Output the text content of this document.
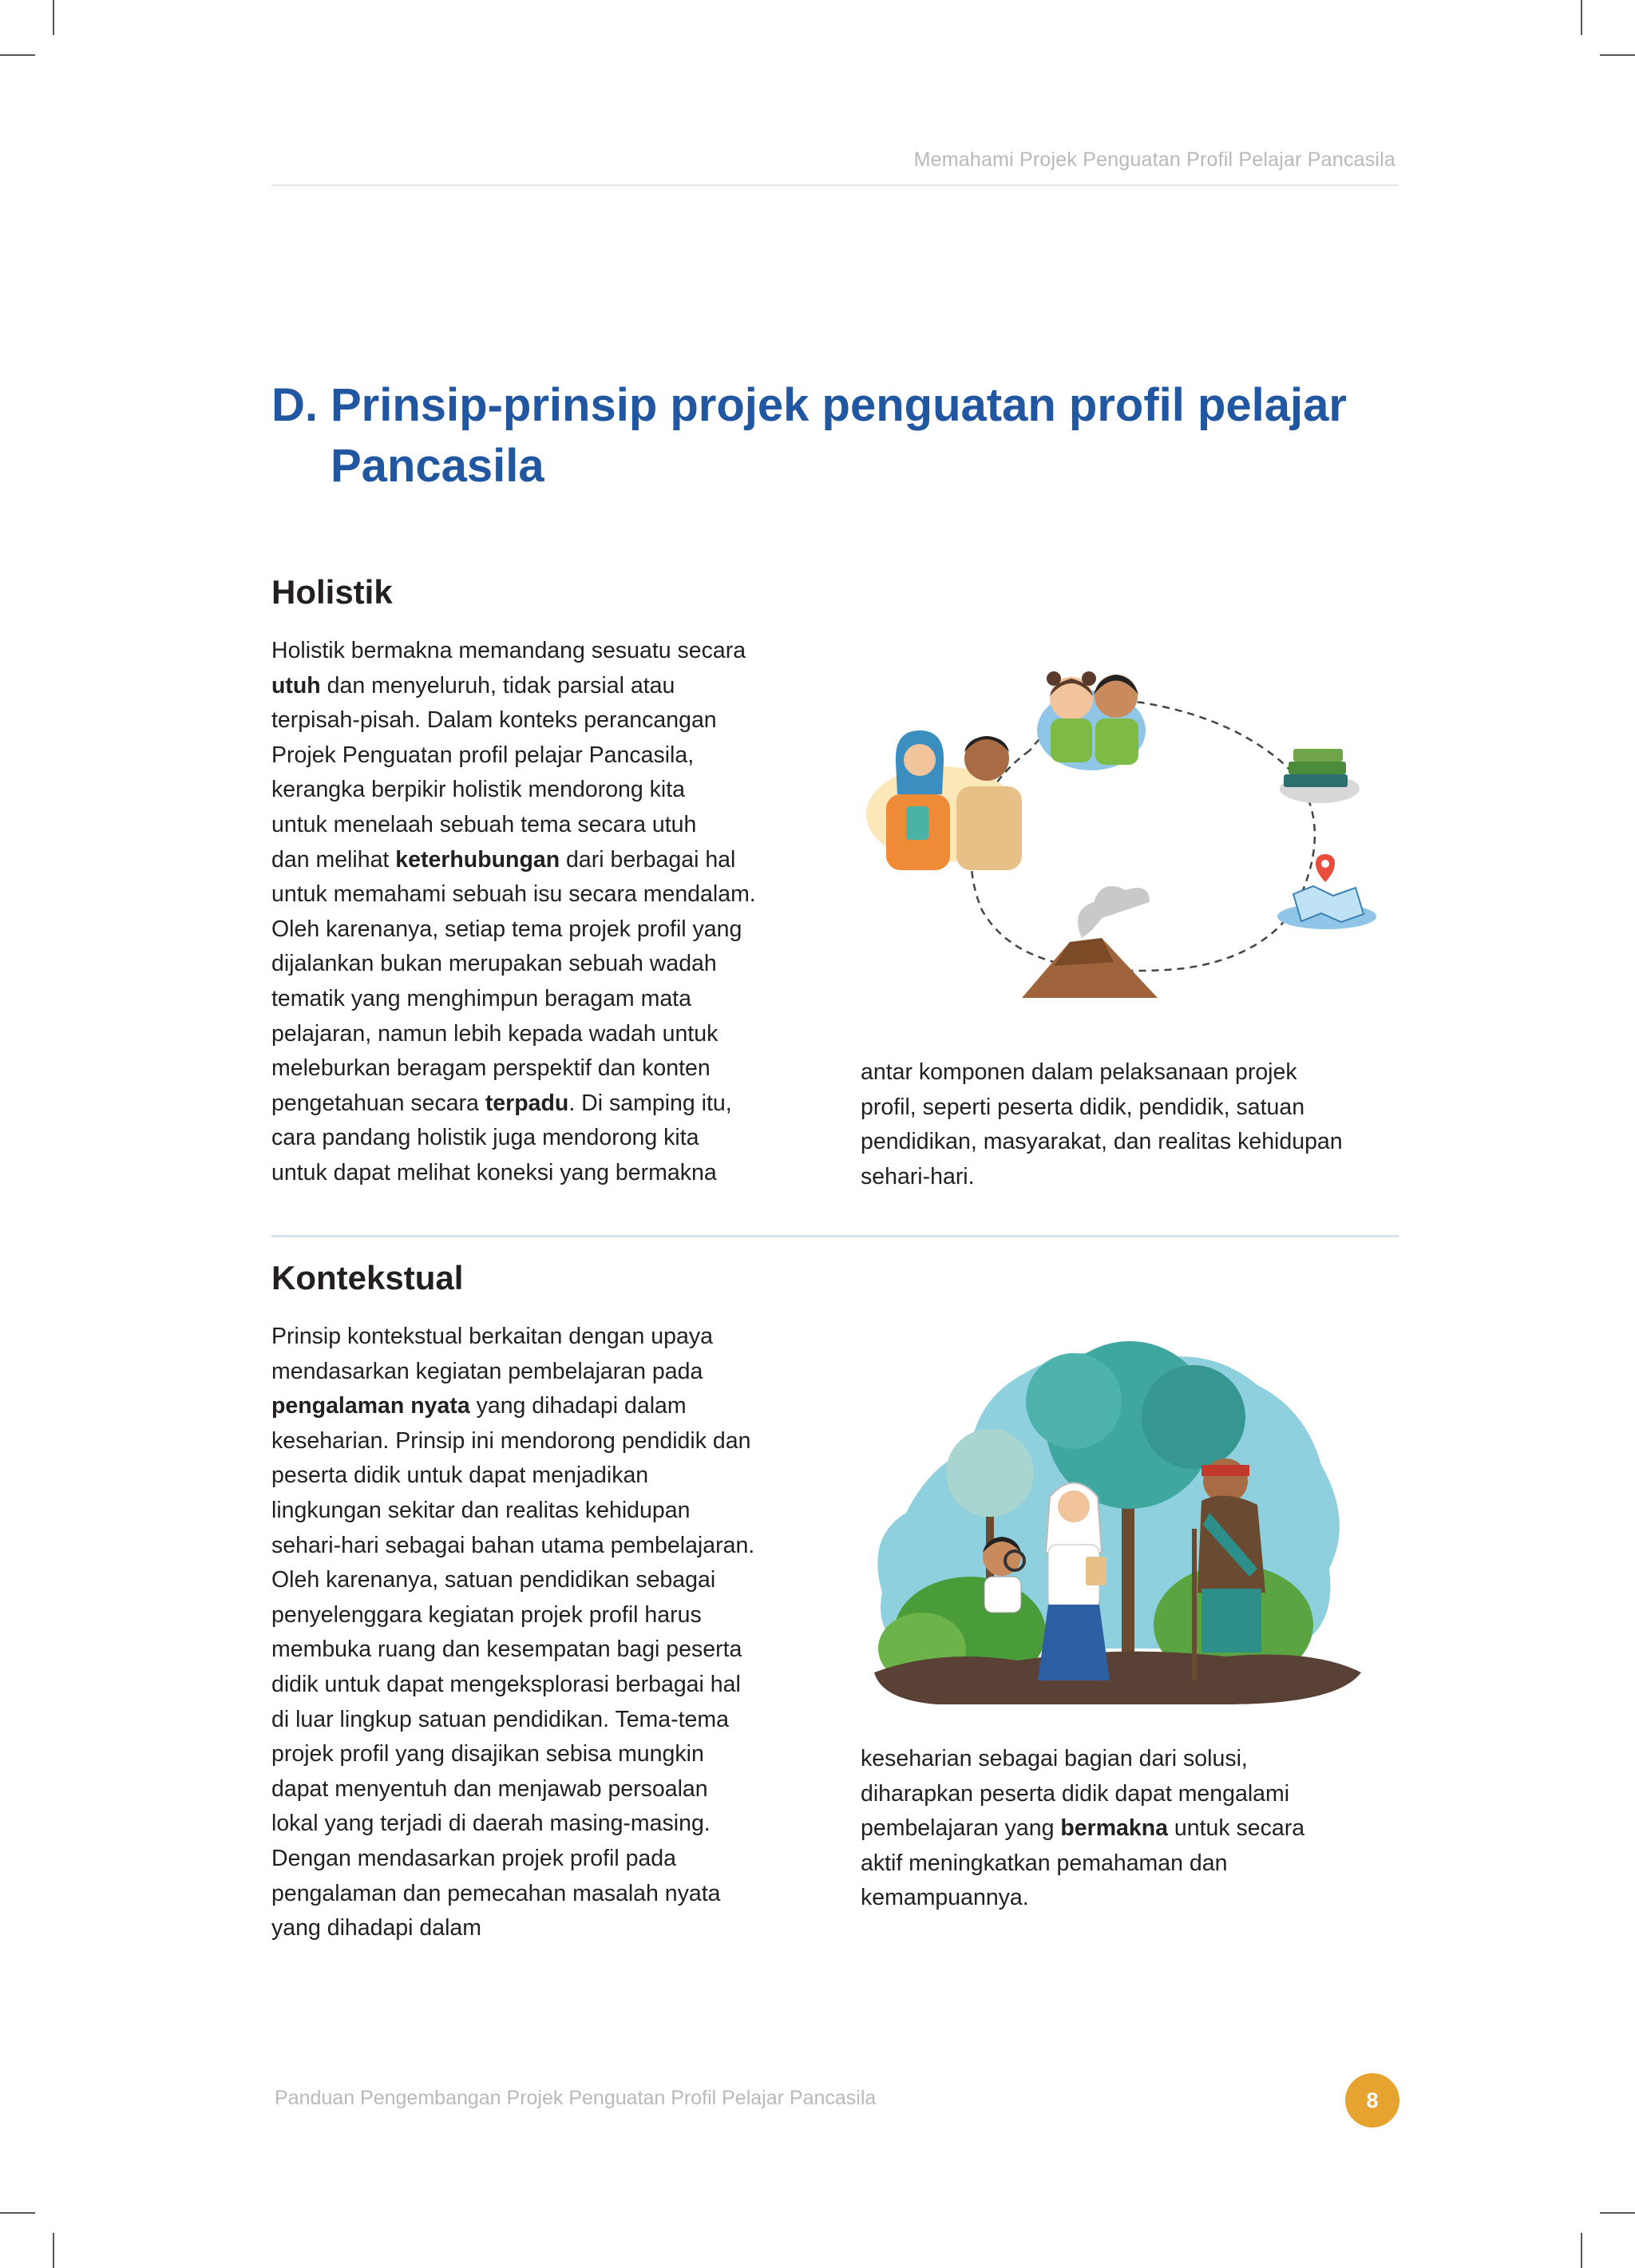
Memahami Projek Penguatan Profil Pelajar Pancasila
D. Prinsip-prinsip projek penguatan profil pelajar
Pancasila
Holistik
Holistik bermakna memandang sesuatu secara
utuh dan menyeluruh, tidak parsial atau
terpisah-pisah. Dalam konteks perancangan
Projek Penguatan profil pelajar Pancasila,
kerangka berpikir holistik mendorong kita
untuk menelaah sebuah tema secara utuh
dan melihat keterhubungan dari berbagai hal
untuk memahami sebuah isu secara mendalam.
Oleh karenanya, setiap tema projek profil yang
dijalankan bukan merupakan sebuah wadah
tematik yang menghimpun beragam mata
pelajaran, namun lebih kepada wadah untuk
meleburkan beragam perspektif dan konten
pengetahuan secara terpadu. Di samping itu,
cara pandang holistik juga mendorong kita
untuk dapat melihat koneksi yang bermakna
antar komponen dalam pelaksanaan projek
profil, seperti peserta didik, pendidik, satuan
pendidikan, masyarakat, dan realitas kehidupan
sehari-hari.
Kontekstual
Prinsip kontekstual berkaitan dengan upaya
mendasarkan kegiatan pembelajaran pada
pengalaman nyata yang dihadapi dalam
keseharian. Prinsip ini mendorong pendidik dan
peserta didik untuk dapat menjadikan
lingkungan sekitar dan realitas kehidupan
sehari-hari sebagai bahan utama pembelajaran.
Oleh karenanya, satuan pendidikan sebagai
penyelenggara kegiatan projek profil harus
membuka ruang dan kesempatan bagi peserta
didik untuk dapat mengeksplorasi berbagai hal
di luar lingkup satuan pendidikan. Tema-tema
projek profil yang disajikan sebisa mungkin
dapat menyentuh dan menjawab persoalan
lokal yang terjadi di daerah masing-masing.
Dengan mendasarkan projek profil pada
pengalaman dan pemecahan masalah nyata
yang dihadapi dalam
keseharian sebagai bagian dari solusi,
diharapkan peserta didik dapat mengalami
pembelajaran yang bermakna untuk secara
aktif meningkatkan pemahaman dan
kemampuannya.
Panduan Pengembangan Projek Penguatan Profil Pelajar Pancasila	8
